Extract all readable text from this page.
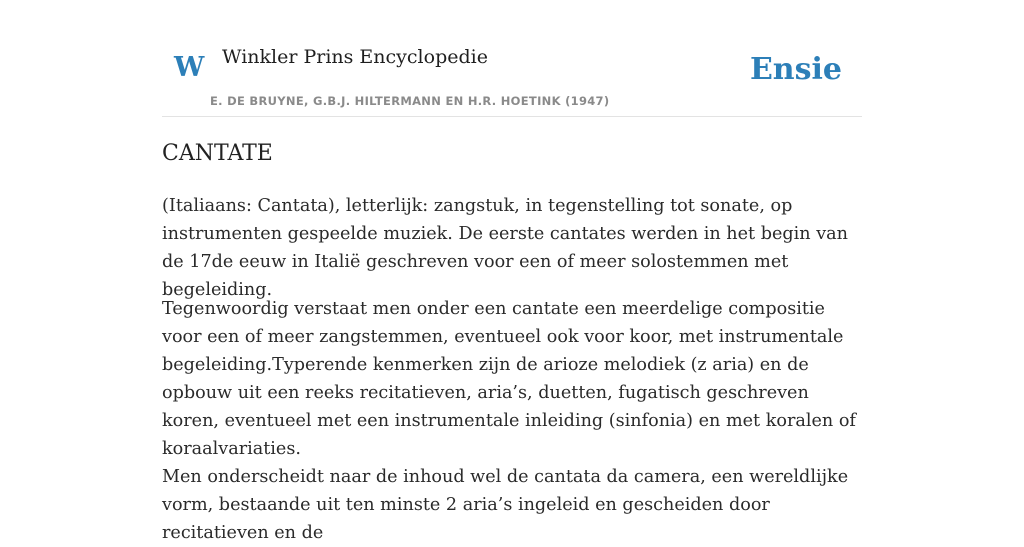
W Winkler Prins Encyclopedie	Ensie
E. DE BRUYNE, G.B.J. HILTERMANN EN H.R. HOETINK (1947)
CANTATE

(Italiaans: Cantata), letterlijk: zangstuk, in tegenstelling tot sonate, op instrumenten gespeelde muziek. De eerste cantates werden in het begin van de 17de eeuw in Italië geschreven voor een of meer solostemmen met begeleiding.

Tegenwoordig verstaat men onder een cantate een meerdelige compositie voor een of meer zangstemmen, eventueel ook voor koor, met instrumentale begeleiding.Typerende kenmerken zijn de arioze melodiek (z aria) en de opbouw uit een reeks recitatieven, aria’s, duetten, fugatisch geschreven koren, eventueel met een instrumentale inleiding (sinfonia) en met koralen of koraalvariaties.

Men onderscheidt naar de inhoud wel de cantata da camera, een wereldlijke vorm, bestaande uit ten minste 2 aria’s ingeleid en gescheiden door recitatieven en de
